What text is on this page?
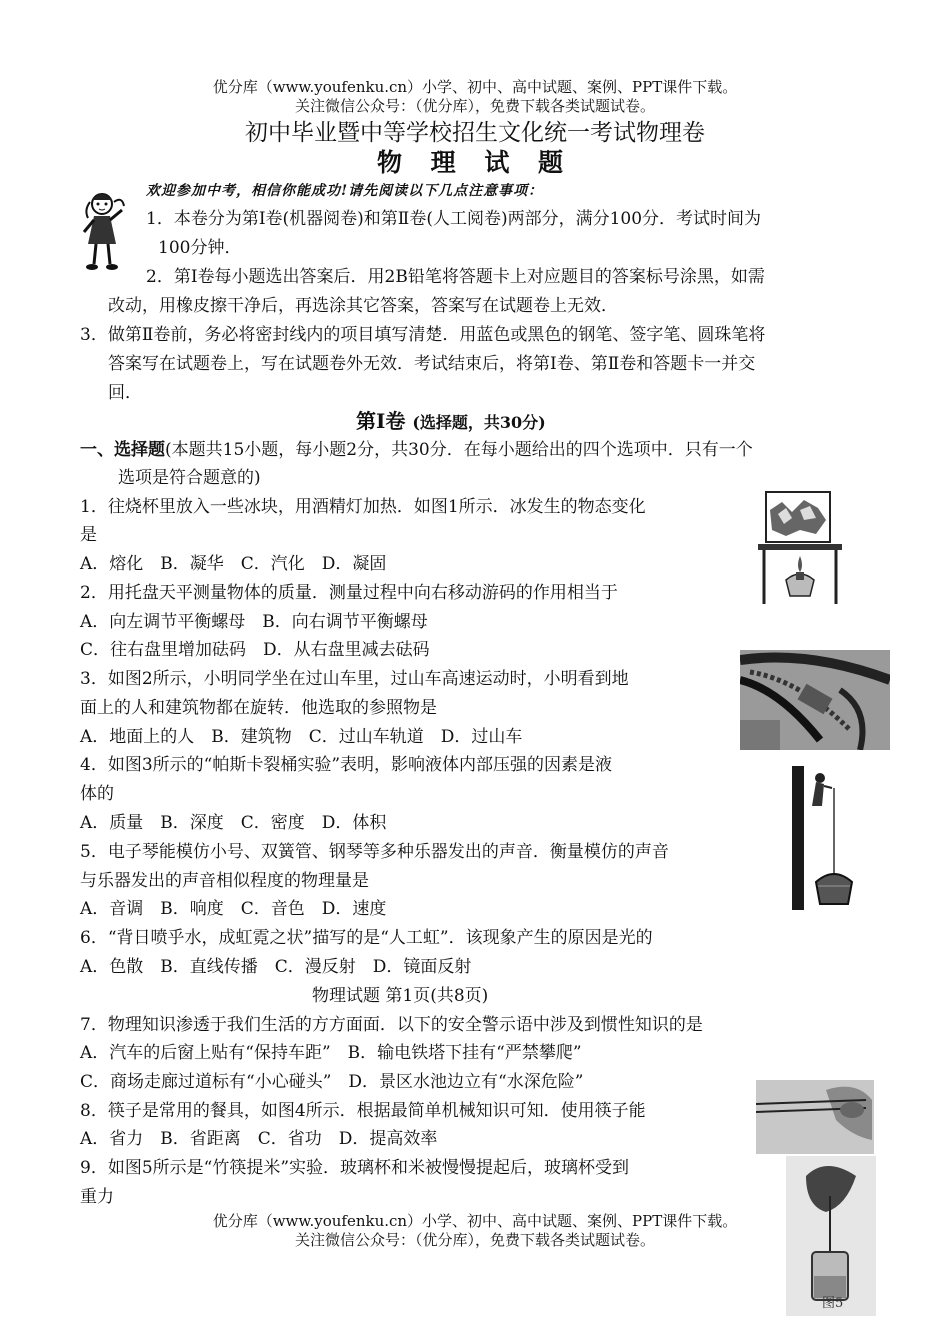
优分库（www.youfenku.cn）小学、初中、高中试题、案例、PPT课件下载。
关注微信公众号：（优分库），免费下载各类试题试卷。
初中毕业暨中等学校招生文化统一考试物理卷
物 理 试 题
欢迎参加中考，相信你能成功!请先阅读以下几点注意事项：
1．本卷分为第Ⅰ卷(机器阅卷)和第Ⅱ卷(人工阅卷)两部分，满分100分．考试时间为
100分钟．
2．第Ⅰ卷每小题选出答案后．用2B铅笔将答题卡上对应题目的答案标号涂黑，如需
改动，用橡皮擦干净后，再选涂其它答案，答案写在试题卷上无效．
3．做第Ⅱ卷前，务必将密封线内的项目填写清楚．用蓝色或黑色的钢笔、签字笔、圆珠笔将
答案写在试题卷上，写在试题卷外无效．考试结束后，将第Ⅰ卷、第Ⅱ卷和答题卡一并交
回．
第Ⅰ卷 (选择题，共30分)
一、选择题(本题共15小题，每小题2分，共30分．在每小题给出的四个选项中．只有一个
选项是符合题意的)
1．往烧杯里放入一些冰块，用酒精灯加热．如图1所示．冰发生的物态变化
是
A．熔化　B．凝华　C．汽化　D．凝固
2．用托盘天平测量物体的质量．测量过程中向右移动游码的作用相当于
A．向左调节平衡螺母　B．向右调节平衡螺母
C．往右盘里增加砝码　D．从右盘里减去砝码
3．如图2所示，小明同学坐在过山车里，过山车高速运动时，小明看到地
面上的人和建筑物都在旋转．他选取的参照物是
A．地面上的人　B．建筑物　C．过山车轨道　D．过山车
4．如图3所示的“帕斯卡裂桶实验”表明，影响液体内部压强的因素是液
体的
A．质量　B．深度　C．密度　D．体积
5．电子琴能模仿小号、双簧管、钢琴等多种乐器发出的声音．衡量模仿的声音
与乐器发出的声音相似程度的物理量是
A．音调　B．响度　C．音色　D．速度
6．“背日喷乎水，成虹霓之状”描写的是“人工虹”．该现象产生的原因是光的
A．色散　B．直线传播　C．漫反射　D．镜面反射
物理试题 第1页(共8页)
7．物理知识渗透于我们生活的方方面面．以下的安全警示语中涉及到惯性知识的是
A．汽车的后窗上贴有“保持车距”　B．输电铁塔下挂有“严禁攀爬”
C．商场走廊过道标有“小心碰头”　D．景区水池边立有“水深危险”
8．筷子是常用的餐具，如图4所示．根据最简单机械知识可知．使用筷子能
A．省力　B．省距离　C．省功　D．提高效率
9．如图5所示是“竹筷提米”实验．玻璃杯和米被慢慢提起后，玻璃杯受到
重力
优分库（www.youfenku.cn）小学、初中、高中试题、案例、PPT课件下载。
关注微信公众号：（优分库），免费下载各类试题试卷。
图5
